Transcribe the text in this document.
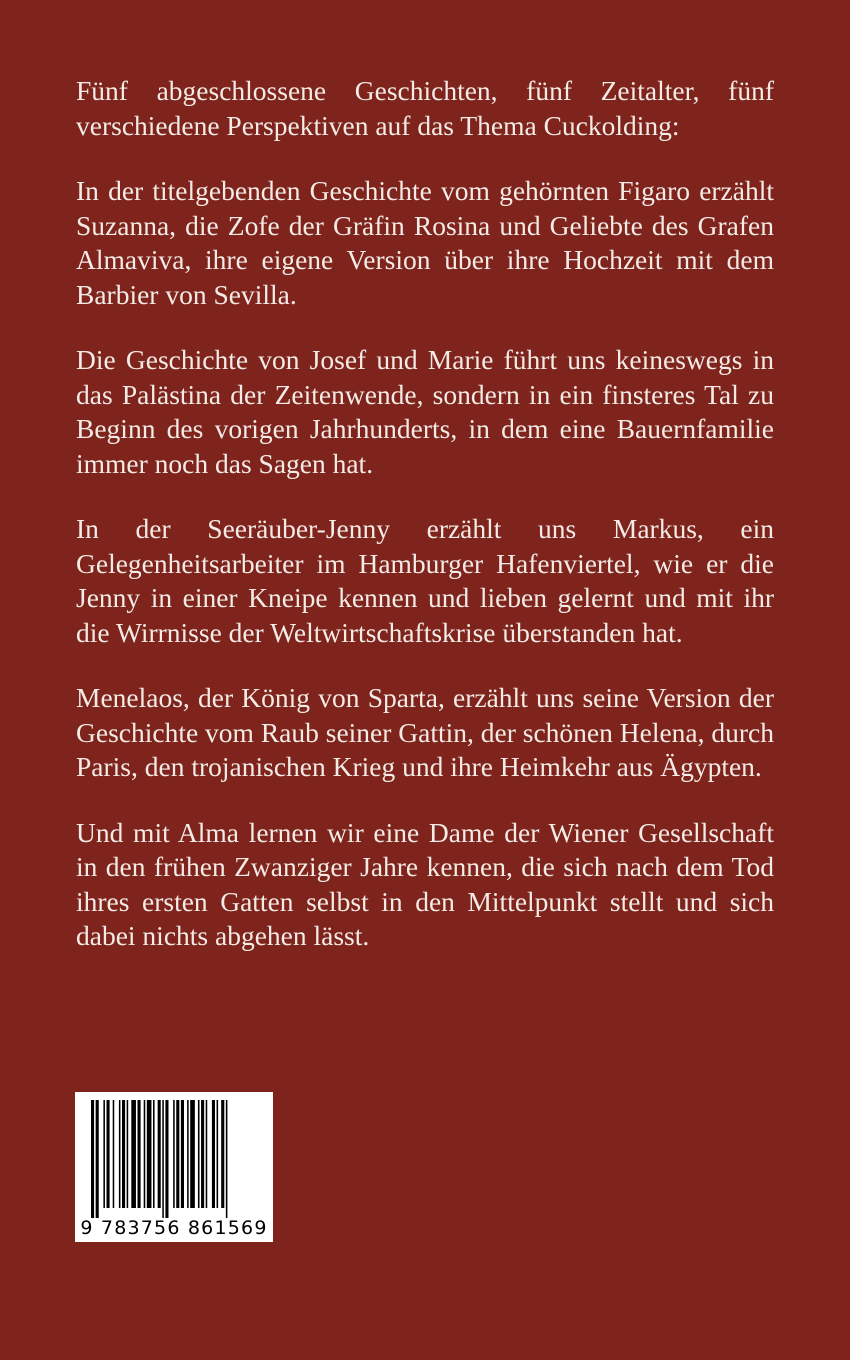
Fünf abgeschlossene Geschichten, fünf Zeitalter, fünf verschiedene Perspektiven auf das Thema Cuckolding:

In der titelgebenden Geschichte vom gehörnten Figaro erzählt Suzanna, die Zofe der Gräfin Rosina und Geliebte des Grafen Almaviva, ihre eigene Version über ihre Hochzeit mit dem Barbier von Sevilla.

Die Geschichte von Josef und Marie führt uns keineswegs in das Palästina der Zeitenwende, sondern in ein finsteres Tal zu Beginn des vorigen Jahrhunderts, in dem eine Bauernfamilie immer noch das Sagen hat.

In der Seeräuber-Jenny erzählt uns Markus, ein Gelegenheitsarbeiter im Hamburger Hafenviertel, wie er die Jenny in einer Kneipe kennen und lieben gelernt und mit ihr die Wirrnisse der Weltwirtschaftskrise überstanden hat.

Menelaos, der König von Sparta, erzählt uns seine Version der Geschichte vom Raub seiner Gattin, der schönen Helena, durch Paris, den trojanischen Krieg und ihre Heimkehr aus Ägypten.

Und mit Alma lernen wir eine Dame der Wiener Gesellschaft in den frühen Zwanziger Jahre kennen, die sich nach dem Tod ihres ersten Gatten selbst in den Mittelpunkt stellt und sich dabei nichts abgehen lässt.

9 783756 861569
